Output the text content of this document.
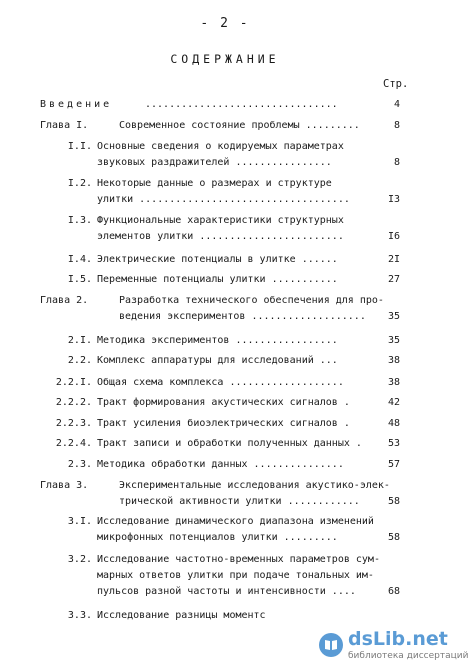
- 2 -
СОДЕРЖАНИЕ
Стр.
Введение	................................	4
Глава I.	Современное состояние проблемы .........	8
I.I. Основные сведения о кодируемых параметрах
звуковых раздражителей ................	8
I.2. Некоторые данные о размерах и структуре
улитки ...................................	I3
I.3. Функциональные характеристики структурных
элементов улитки ........................	I6
I.4. Электрические потенциалы в улитке ......	2I
I.5. Переменные потенциалы улитки ...........	27
Глава 2.	Разработка технического обеспечения для про-
ведения экспериментов ...................	35
2.I. Методика экспериментов .................	35
2.2. Комплекс аппаратуры для исследований ...	38
2.2.I. Общая схема комплекса ...................	38
2.2.2. Тракт формирования акустических сигналов .	42
2.2.3. Тракт усиления биоэлектрических сигналов .	48
2.2.4. Тракт записи и обработки полученных данных .	53
2.3. Методика обработки данных ...............	57
Глава 3.	Экспериментальные исследования акустико-элек-
трической активности улитки ............	58
3.I. Исследование динамического диапазона изменений
микрофонных потенциалов улитки .........	58
3.2. Исследование частотно-временных параметров сум-
марных ответов улитки при подаче тональных им-
пульсов разной частоты и интенсивности ....	68
3.3. Исследование разницы моментс
dsLib.net
библиотека диссертаций
